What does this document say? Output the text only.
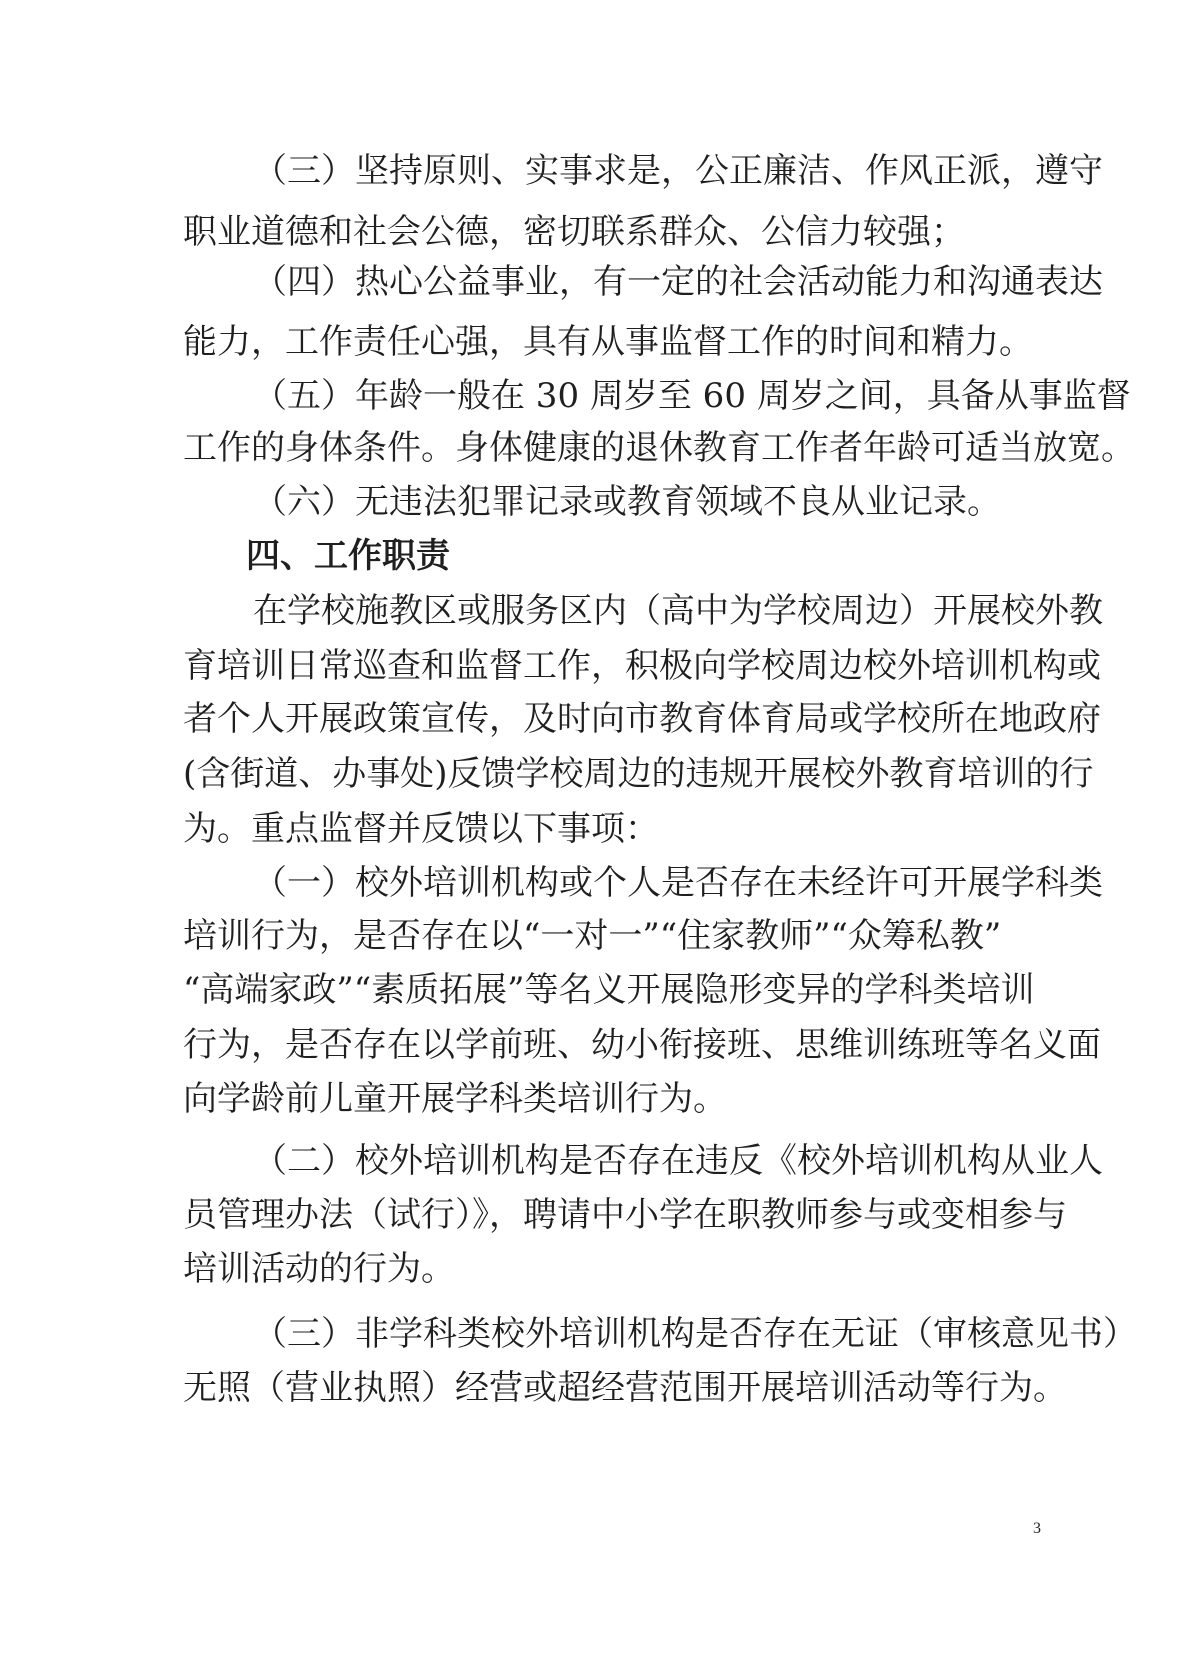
（三）坚持原则、实事求是，公正廉洁、作风正派，遵守
职业道德和社会公德，密切联系群众、公信力较强；
（四）热心公益事业，有一定的社会活动能力和沟通表达
能力，工作责任心强，具有从事监督工作的时间和精力。
（五）年龄一般在 30 周岁至 60 周岁之间，具备从事监督
工作的身体条件。身体健康的退休教育工作者年龄可适当放宽。
（六）无违法犯罪记录或教育领域不良从业记录。
四、工作职责
在学校施教区或服务区内（高中为学校周边）开展校外教
育培训日常巡查和监督工作，积极向学校周边校外培训机构或
者个人开展政策宣传，及时向市教育体育局或学校所在地政府
(含街道、办事处)反馈学校周边的违规开展校外教育培训的行
为。重点监督并反馈以下事项：
（一）校外培训机构或个人是否存在未经许可开展学科类
培训行为，是否存在以“一对一”“住家教师”“众筹私教”
“高端家政”“素质拓展”等名义开展隐形变异的学科类培训
行为，是否存在以学前班、幼小衔接班、思维训练班等名义面
向学龄前儿童开展学科类培训行为。
（二）校外培训机构是否存在违反《校外培训机构从业人
员管理办法（试行）》，聘请中小学在职教师参与或变相参与
培训活动的行为。
（三）非学科类校外培训机构是否存在无证（审核意见书）
无照（营业执照）经营或超经营范围开展培训活动等行为。
3
